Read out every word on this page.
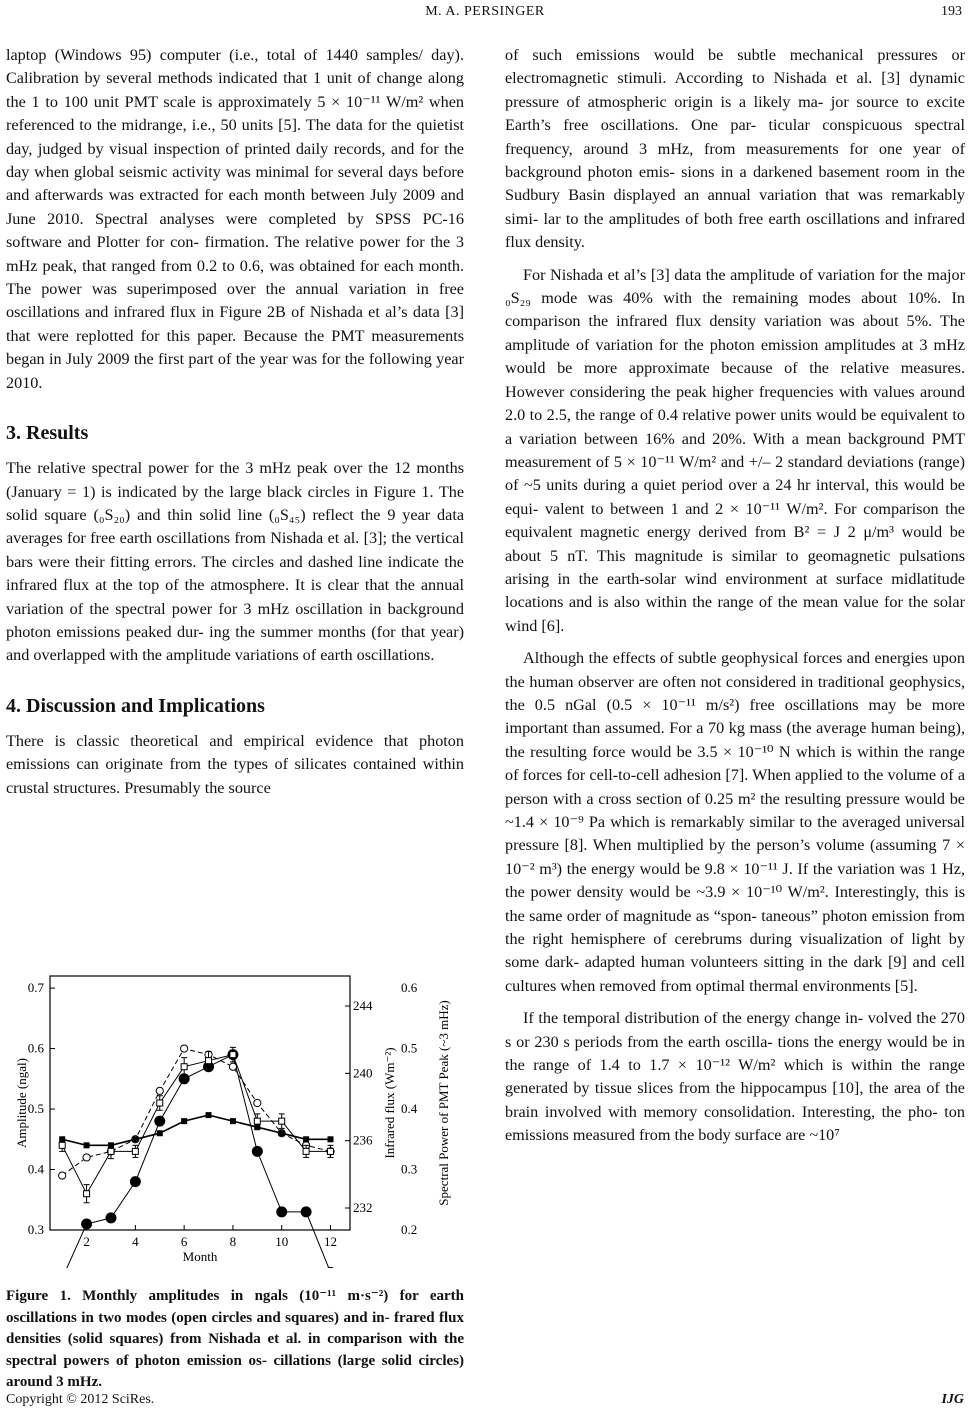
M. A. PERSINGER	193

laptop (Windows 95) computer (i.e., total of 1440 samples/ day). Calibration by several methods indicated that 1 unit of change along the 1 to 100 unit PMT scale is approximately 5 × 10⁻¹¹ W/m² when referenced to the midrange, i.e., 50 units [5]. The data for the quietist day, judged by visual inspection of printed daily records, and for the day when global seismic activity was minimal for several days before and afterwards was extracted for each month between July 2009 and June 2010. Spectral analyses were completed by SPSS PC-16 software and Plotter for con- firmation. The relative power for the 3 mHz peak, that ranged from 0.2 to 0.6, was obtained for each month. The power was superimposed over the annual variation in free oscillations and infrared flux in Figure 2B of Nishada et al’s data [3] that were replotted for this paper. Because the PMT measurements began in July 2009 the first part of the year was for the following year 2010.

3. Results

The relative spectral power for the 3 mHz peak over the 12 months (January = 1) is indicated by the large black circles in Figure 1. The solid square (₀S₂₀) and thin solid line (₀S₄₅) reflect the 9 year data averages for free earth oscillations from Nishada et al. [3]; the vertical bars were their fitting errors. The circles and dashed line indicate the infrared flux at the top of the atmosphere. It is clear that the annual variation of the spectral power for 3 mHz oscillation in background photon emissions peaked dur- ing the summer months (for that year) and overlapped with the amplitude variations of earth oscillations.

4. Discussion and Implications

There is classic theoretical and empirical evidence that photon emissions can originate from the types of silicates contained within crustal structures. Presumably the source

0.3
0.4
0.5
0.6
0.7
2	4	6	8	10	12
Month
Amplitude (ngal)
232
236
240
244
Infrared flux (Wm⁻²)
0.2
0.3
0.4
0.5
0.6
Spectral Power of PMT Peak (~3 mHz)
Figure 1. Monthly amplitudes in ngals (10⁻¹¹ m·s⁻²) for earth oscillations in two modes (open circles and squares) and in- frared flux densities (solid squares) from Nishada et al. in comparison with the spectral powers of photon emission os- cillations (large solid circles) around 3 mHz.

of such emissions would be subtle mechanical pressures or electromagnetic stimuli. According to Nishada et al. [3] dynamic pressure of atmospheric origin is a likely ma- jor source to excite Earth’s free oscillations. One par- ticular conspicuous spectral frequency, around 3 mHz, from measurements for one year of background photon emis- sions in a darkened basement room in the Sudbury Basin displayed an annual variation that was remarkably simi- lar to the amplitudes of both free earth oscillations and infrared flux density.

For Nishada et al’s [3] data the amplitude of variation for the major ₀S₂₉ mode was 40% with the remaining modes about 10%. In comparison the infrared flux density variation was about 5%. The amplitude of variation for the photon emission amplitudes at 3 mHz would be more approximate because of the relative measures. However considering the peak higher frequencies with values around 2.0 to 2.5, the range of 0.4 relative power units would be equivalent to a variation between 16% and 20%. With a mean background PMT measurement of 5 × 10⁻¹¹ W/m² and +/– 2 standard deviations (range) of ~5 units during a quiet period over a 24 hr interval, this would be equi- valent to between 1 and 2 × 10⁻¹¹ W/m². For comparison the equivalent magnetic energy derived from B² = J 2 μ/m³ would be about 5 nT. This magnitude is similar to geomagnetic pulsations arising in the earth-solar wind environment at surface midlatitude locations and is also within the range of the mean value for the solar wind [6].

Although the effects of subtle geophysical forces and energies upon the human observer are often not considered in traditional geophysics, the 0.5 nGal (0.5 × 10⁻¹¹ m/s²) free oscillations may be more important than assumed. For a 70 kg mass (the average human being), the resulting force would be 3.5 × 10⁻¹⁰ N which is within the range of forces for cell-to-cell adhesion [7]. When applied to the volume of a person with a cross section of 0.25 m² the resulting pressure would be ~1.4 × 10⁻⁹ Pa which is remarkably similar to the averaged universal pressure [8]. When multiplied by the person’s volume (assuming 7 × 10⁻² m³) the energy would be 9.8 × 10⁻¹¹ J. If the variation was 1 Hz, the power density would be ~3.9 × 10⁻¹⁰ W/m². Interestingly, this is the same order of magnitude as “spon- taneous” photon emission from the right hemisphere of cerebrums during visualization of light by some dark- adapted human volunteers sitting in the dark [9] and cell cultures when removed from optimal thermal environments [5].

If the temporal distribution of the energy change in- volved the 270 s or 230 s periods from the earth oscilla- tions the energy would be in the range of 1.4 to 1.7 × 10⁻¹² W/m² which is within the range generated by tissue slices from the hippocampus [10], the area of the brain involved with memory consolidation. Interesting, the pho- ton emissions measured from the body surface are ~10⁷

Copyright © 2012 SciRes.	IJG
